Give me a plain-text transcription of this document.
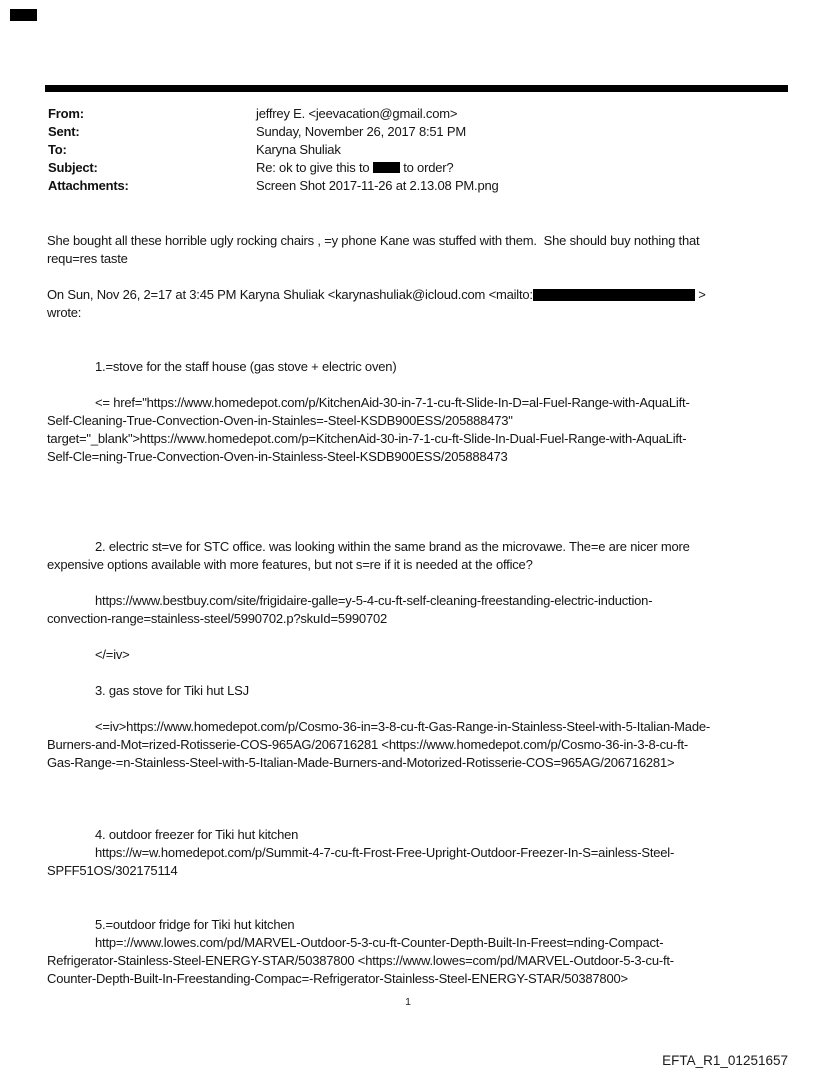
From:	jeffrey E. <jeevacation@gmail.com>
Sent:	Sunday, November 26, 2017 8:51 PM
To:	Karyna Shuliak
Subject:	Re: ok to give this to  to order?
Attachments:	Screen Shot 2017-11-26 at 2.13.08 PM.png
She bought all these horrible ugly rocking chairs , =y phone Kane was stuffed with them.  She should buy nothing that
requ=res taste
On Sun, Nov 26, 2=17 at 3:45 PM Karyna Shuliak <karynashuliak@icloud.com <mailto:	>
wrote:
1.=stove for the staff house (gas stove + electric oven)
<= href="https://www.homedepot.com/p/KitchenAid-30-in-7-1-cu-ft-Slide-In-D=al-Fuel-Range-with-AquaLift-
Self-Cleaning-True-Convection-Oven-in-Stainles=-Steel-KSDB900ESS/205888473"
target="_blank">https://www.homedepot.com/p=KitchenAid-30-in-7-1-cu-ft-Slide-In-Dual-Fuel-Range-with-AquaLift-
Self-Cle=ning-True-Convection-Oven-in-Stainless-Steel-KSDB900ESS/205888473
2. electric st=ve for STC office. was looking within the same brand as the microvawe. The=e are nicer more
expensive options available with more features, but not s=re if it is needed at the office?
https://www.bestbuy.com/site/frigidaire-galle=y-5-4-cu-ft-self-cleaning-freestanding-electric-induction-
convection-range=stainless-steel/5990702.p?skuId=5990702
</=iv>
3. gas stove for Tiki hut LSJ
<=iv>https://www.homedepot.com/p/Cosmo-36-in=3-8-cu-ft-Gas-Range-in-Stainless-Steel-with-5-Italian-Made-
Burners-and-Mot=rized-Rotisserie-COS-965AG/206716281 <https://www.homedepot.com/p/Cosmo-36-in-3-8-cu-ft-
Gas-Range-=n-Stainless-Steel-with-5-Italian-Made-Burners-and-Motorized-Rotisserie-COS=965AG/206716281>
4. outdoor freezer for Tiki hut kitchen
https://w=w.homedepot.com/p/Summit-4-7-cu-ft-Frost-Free-Upright-Outdoor-Freezer-In-S=ainless-Steel-
SPFF51OS/302175114
5.=outdoor fridge for Tiki hut kitchen
http=://www.lowes.com/pd/MARVEL-Outdoor-5-3-cu-ft-Counter-Depth-Built-In-Freest=nding-Compact-
Refrigerator-Stainless-Steel-ENERGY-STAR/50387800 <https://www.lowes=com/pd/MARVEL-Outdoor-5-3-cu-ft-
Counter-Depth-Built-In-Freestanding-Compac=-Refrigerator-Stainless-Steel-ENERGY-STAR/50387800>
1
EFTA_R1_01251657
